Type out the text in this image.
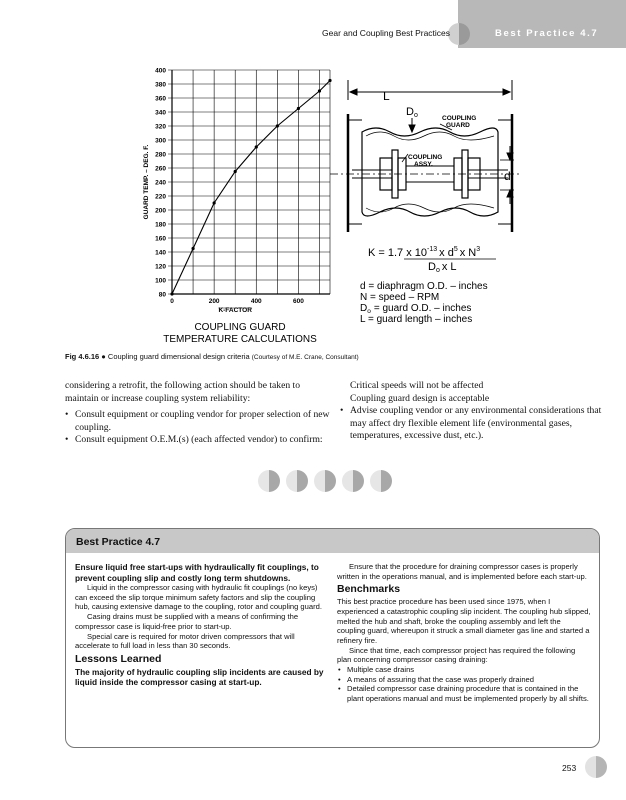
Gear and Coupling Best Practices	Best Practice 4.7
80
100
120
140
160
180
200
220
240
260
280
300
320
340
360
380
400
0	200	400	600
K-FACTOR
GUARD TEMP. – DEG. F.
COUPLING GUARD
TEMPERATURE CALCULATIONS
L
Do	COUPLING
GUARD
COUPLING
ASSY.
d
K = 1.7 x $10^{-13}$ x $d^5$ x $N^3$
Do x L
d = diaphragm O.D. – inches
N = speed – RPM
$D_o$ = guard O.D. – inches
L = guard length – inches
Fig 4.6.16 ● Coupling guard dimensional design criteria (Courtesy of M.E. Crane, Consultant)

considering a retrofit, the following action should be taken to maintain or increase coupling system reliability:

• Consult equipment or coupling vendor for proper selection of new coupling.
• Consult equipment O.E.M.(s) (each affected vendor) to confirm:

Critical speeds will not be affected

Coupling guard design is acceptable

• Advise coupling vendor or any environmental considerations that may affect dry flexible element life (environmental gases, temperatures, excessive dust, etc.).
Best Practice 4.7

Ensure liquid free start-ups with hydraulically fit couplings, to prevent coupling slip and costly long term shutdowns.

Liquid in the compressor casing with hydraulic fit couplings (no keys) can exceed the slip torque minimum safety factors and slip the coupling hub, causing extensive damage to the coupling, rotor and coupling guard.

Casing drains must be supplied with a means of confirming the compressor case is liquid-free prior to start-up.

Special care is required for motor driven compressors that will accelerate to full load in less than 30 seconds.

Lessons Learned

The majority of hydraulic coupling slip incidents are caused by liquid inside the compressor casing at start-up.

Ensure that the procedure for draining compressor cases is properly written in the operations manual, and is implemented before each start-up.

Benchmarks

This best practice procedure has been used since 1975, when I experienced a catastrophic coupling slip incident. The coupling hub slipped, melted the hub and shaft, broke the coupling assembly and left the coupling guard, whereupon it struck a small diameter gas line and started a refinery fire.

Since that time, each compressor project has required the following plan concerning compressor casing draining:

• Multiple case drains
• A means of assuring that the case was properly drained
• Detailed compressor case draining procedure that is contained in the plant operations manual and must be implemented properly by all shifts.
253
